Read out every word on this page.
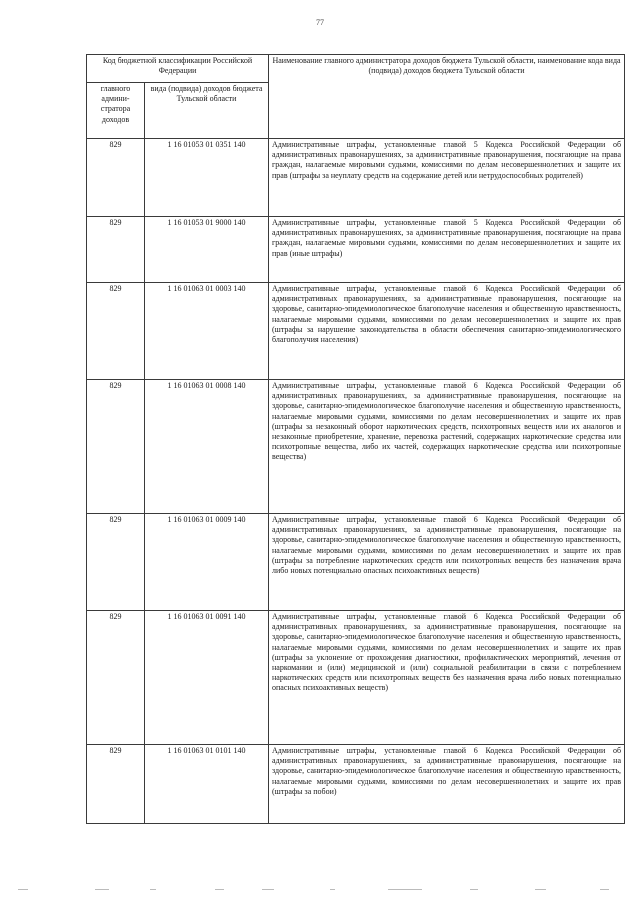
77
Код бюджетной классификации Российской Федерации		Наименование главного администратора доходов бюджета Тульской области, наименование кода вида (подвида) доходов бюджета Тульской области
главного админи-стратора доходов	вида (подвида) доходов бюджета Тульской области	
829	1 16 01053 01 0351 140	Административные штрафы, установленные главой 5 Кодекса Российской Федерации об административных правонарушениях, за административные правонарушения, посягающие на права граждан, налагаемые мировыми судьями, комиссиями по делам несовершеннолетних и защите их прав (штрафы за неуплату средств на содержание детей или нетрудоспособных родителей)
829	1 16 01053 01 9000 140	Административные штрафы, установленные главой 5 Кодекса Российской Федерации об административных правонарушениях, за административные правонарушения, посягающие на права граждан, налагаемые мировыми судьями, комиссиями по делам несовершеннолетних и защите их прав (иные штрафы)
829	1 16 01063 01 0003 140	Административные штрафы, установленные главой 6 Кодекса Российской Федерации об административных правонарушениях, за административные правонарушения, посягающие на здоровье, санитарно-эпидемиологическое благополучие населения и общественную нравственность, налагаемые мировыми судьями, комиссиями по делам несовершеннолетних и защите их прав (штрафы за нарушение законодательства в области обеспечения санитарно-эпидемиологического благополучия населения)
829	1 16 01063 01 0008 140	Административные штрафы, установленные главой 6 Кодекса Российской Федерации об административных правонарушениях, за административные правонарушения, посягающие на здоровье, санитарно-эпидемиологическое благополучие населения и общественную нравственность, налагаемые мировыми судьями, комиссиями по делам несовершеннолетних и защите их прав (штрафы за незаконный оборот наркотических средств, психотропных веществ или их аналогов и незаконные приобретение, хранение, перевозка растений, содержащих наркотические средства или психотропные вещества, либо их частей, содержащих наркотические средства или психотропные вещества)
829	1 16 01063 01 0009 140	Административные штрафы, установленные главой 6 Кодекса Российской Федерации об административных правонарушениях, за административные правонарушения, посягающие на здоровье, санитарно-эпидемиологическое благополучие населения и общественную нравственность, налагаемые мировыми судьями, комиссиями по делам несовершеннолетних и защите их прав (штрафы за потребление наркотических средств или психотропных веществ без назначения врача либо новых потенциально опасных психоактивных веществ)
829	1 16 01063 01 0091 140	Административные штрафы, установленные главой 6 Кодекса Российской Федерации об административных правонарушениях, за административные правонарушения, посягающие на здоровье, санитарно-эпидемиологическое благополучие населения и общественную нравственность, налагаемые мировыми судьями, комиссиями по делам несовершеннолетних и защите их прав (штрафы за уклонение от прохождения диагностики, профилактических мероприятий, лечения от наркомании и (или) медицинской и (или) социальной реабилитации в связи с потреблением наркотических средств или психотропных веществ без назначения врача либо новых потенциально опасных психоактивных веществ)
829	1 16 01063 01 0101 140	Административные штрафы, установленные главой 6 Кодекса Российской Федерации об административных правонарушениях, за административные правонарушения, посягающие на здоровье, санитарно-эпидемиологическое благополучие населения и общественную нравственность, налагаемые мировыми судьями, комиссиями по делам несовершеннолетних и защите их прав (штрафы за побои)
